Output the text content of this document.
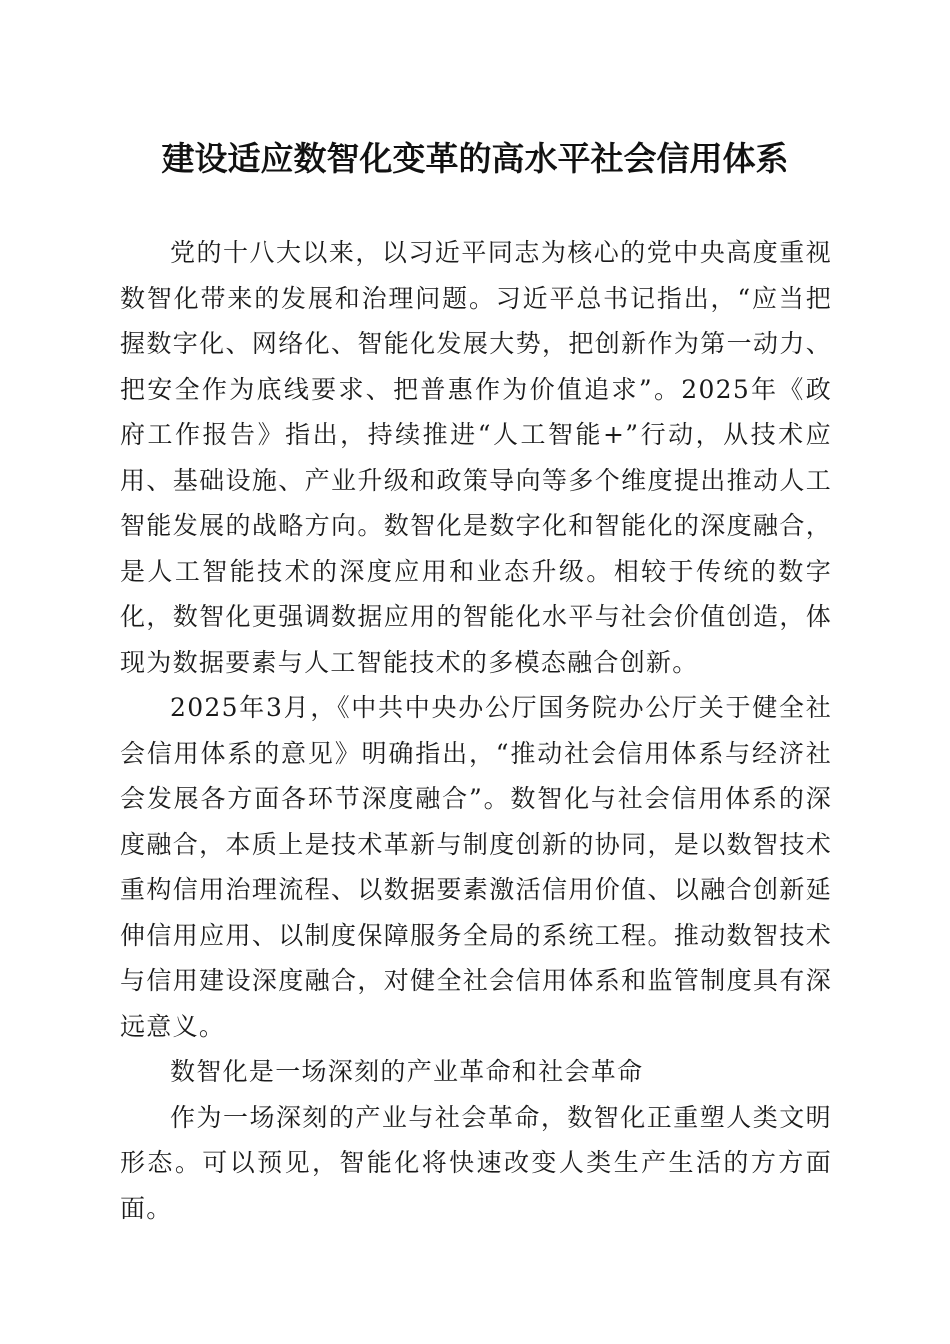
建设适应数智化变革的高水平社会信用体系

党的十八大以来，以习近平同志为核心的党中央高度重视数智化带来的发展和治理问题。习近平总书记指出，“应当把握数字化、网络化、智能化发展大势，把创新作为第一动力、把安全作为底线要求、把普惠作为价值追求”。2025年《政府工作报告》指出，持续推进“人工智能+”行动，从技术应用、基础设施、产业升级和政策导向等多个维度提出推动人工智能发展的战略方向。数智化是数字化和智能化的深度融合，是人工智能技术的深度应用和业态升级。相较于传统的数字化，数智化更强调数据应用的智能化水平与社会价值创造，体现为数据要素与人工智能技术的多模态融合创新。

2025年3月，《中共中央办公厅国务院办公厅关于健全社会信用体系的意见》明确指出，“推动社会信用体系与经济社会发展各方面各环节深度融合”。数智化与社会信用体系的深度融合，本质上是技术革新与制度创新的协同，是以数智技术重构信用治理流程、以数据要素激活信用价值、以融合创新延伸信用应用、以制度保障服务全局的系统工程。推动数智技术与信用建设深度融合，对健全社会信用体系和监管制度具有深远意义。

数智化是一场深刻的产业革命和社会革命

作为一场深刻的产业与社会革命，数智化正重塑人类文明形态。可以预见，智能化将快速改变人类生产生活的方方面面。
